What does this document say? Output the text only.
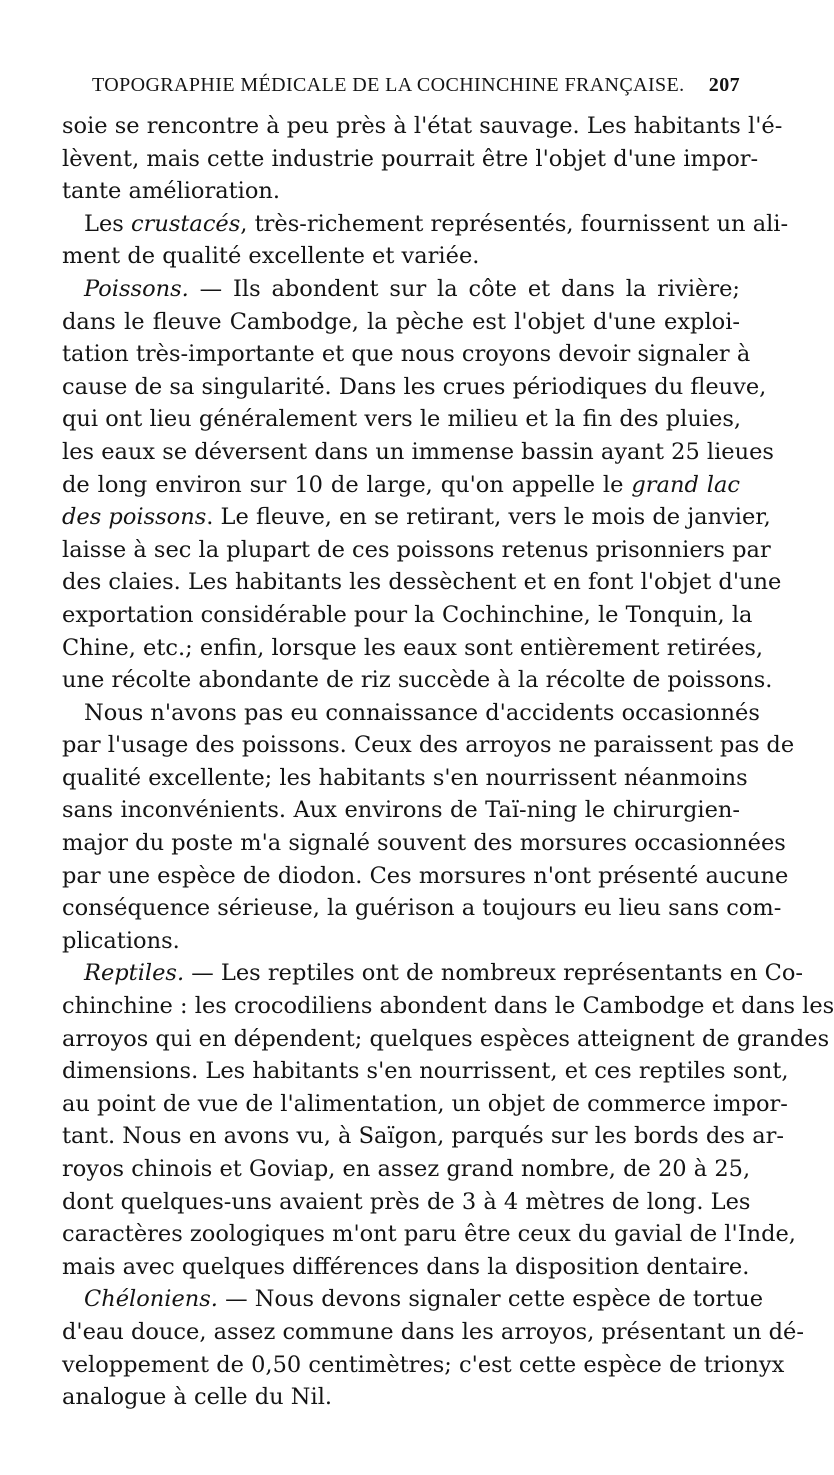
TOPOGRAPHIE MÉDICALE DE LA COCHINCHINE FRANÇAISE. 207
soie se rencontre à peu près à l'état sauvage. Les habitants l'é-
lèvent, mais cette industrie pourrait être l'objet d'une impor-
tante amélioration.
Les crustacés, très-richement représentés, fournissent un ali-
ment de qualité excellente et variée.
Poissons. — Ils abondent sur la côte et dans la rivière;
dans le fleuve Cambodge, la pèche est l'objet d'une exploi-
tation très-importante et que nous croyons devoir signaler à
cause de sa singularité. Dans les crues périodiques du fleuve,
qui ont lieu généralement vers le milieu et la fin des pluies,
les eaux se déversent dans un immense bassin ayant 25 lieues
de long environ sur 10 de large, qu'on appelle le grand lac
des poissons. Le fleuve, en se retirant, vers le mois de janvier,
laisse à sec la plupart de ces poissons retenus prisonniers par
des claies. Les habitants les dessèchent et en font l'objet d'une
exportation considérable pour la Cochinchine, le Tonquin, la
Chine, etc.; enfin, lorsque les eaux sont entièrement retirées,
une récolte abondante de riz succède à la récolte de poissons.
Nous n'avons pas eu connaissance d'accidents occasionnés
par l'usage des poissons. Ceux des arroyos ne paraissent pas de
qualité excellente; les habitants s'en nourrissent néanmoins
sans inconvénients. Aux environs de Taï-ning le chirurgien-
major du poste m'a signalé souvent des morsures occasionnées
par une espèce de diodon. Ces morsures n'ont présenté aucune
conséquence sérieuse, la guérison a toujours eu lieu sans com-
plications.
Reptiles. — Les reptiles ont de nombreux représentants en Co-
chinchine : les crocodiliens abondent dans le Cambodge et dans les
arroyos qui en dépendent; quelques espèces atteignent de grandes
dimensions. Les habitants s'en nourrissent, et ces reptiles sont,
au point de vue de l'alimentation, un objet de commerce impor-
tant. Nous en avons vu, à Saïgon, parqués sur les bords des ar-
royos chinois et Goviap, en assez grand nombre, de 20 à 25,
dont quelques-uns avaient près de 3 à 4 mètres de long. Les
caractères zoologiques m'ont paru être ceux du gavial de l'Inde,
mais avec quelques différences dans la disposition dentaire.
Chéloniens. — Nous devons signaler cette espèce de tortue
d'eau douce, assez commune dans les arroyos, présentant un dé-
veloppement de 0,50 centimètres; c'est cette espèce de trionyx
analogue à celle du Nil.
